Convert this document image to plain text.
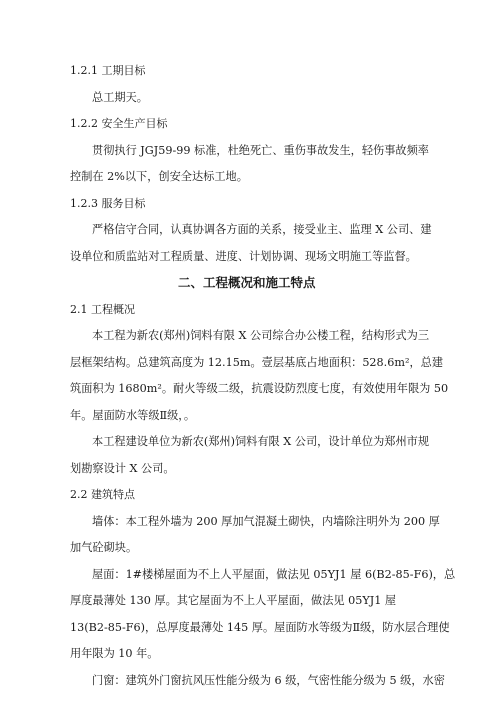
1.2.1 工期目标
总工期天。
1.2.2 安全生产目标
贯彻执行 JGJ59-99 标准，杜绝死亡、重伤事故发生，轻伤事故频率
控制在 2%以下，创安全达标工地。
1.2.3 服务目标
严格信守合同，认真协调各方面的关系，接受业主、监理 X 公司、建
设单位和质监站对工程质量、进度、计划协调、现场文明施工等监督。
二、工程概况和施工特点
2.1 工程概况
本工程为新农(郑州)饲料有限 X 公司综合办公楼工程，结构形式为三
层框架结构。总建筑高度为 12.15m。壹层基底占地面积：528.6m²，总建
筑面积为 1680m²。耐火等级二级，抗震设防烈度七度，有效使用年限为 50
年。屋面防水等级Ⅱ级，。
本工程建设单位为新农(郑州)饲料有限 X 公司，设计单位为郑州市规
划勘察设计 X 公司。
2.2 建筑特点
墙体：本工程外墙为 200 厚加气混凝土砌快，内墙除注明外为 200 厚
加气砼砌块。
屋面：1#楼梯屋面为不上人平屋面，做法见 05YJ1 屋 6(B2-85-F6)，总
厚度最薄处 130 厚。其它屋面为不上人平屋面，做法见 05YJ1 屋
13(B2-85-F6)，总厚度最薄处 145 厚。屋面防水等级为Ⅱ级，防水层合理使
用年限为 10 年。
门窗：建筑外门窗抗风压性能分级为 6 级，气密性能分级为 5 级，水密
